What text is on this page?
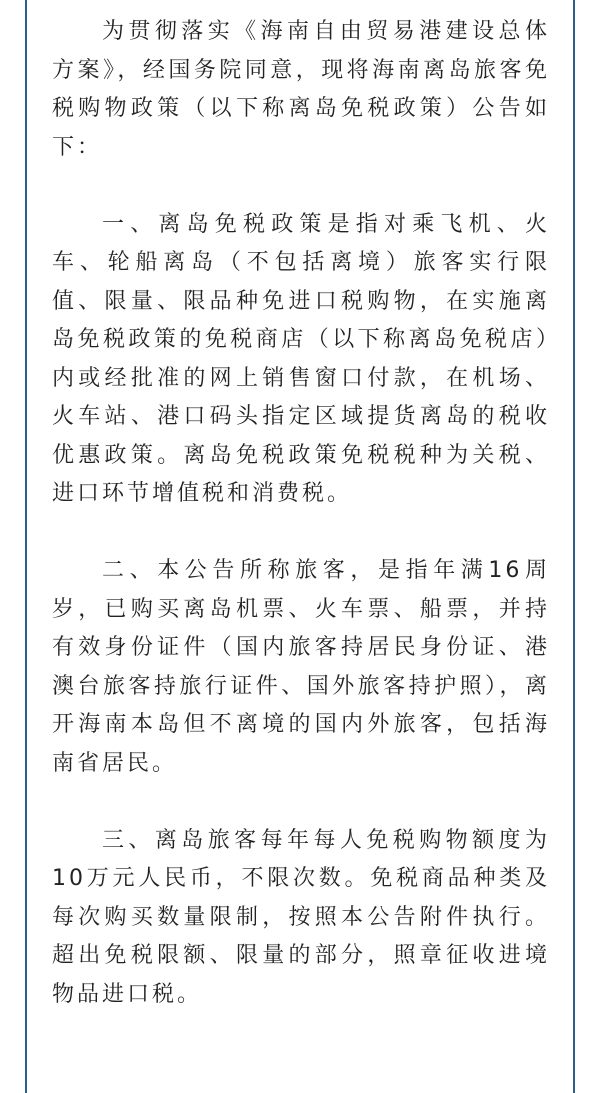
为贯彻落实《海南自由贸易港建设总体方案》，经国务院同意，现将海南离岛旅客免税购物政策（以下称离岛免税政策）公告如下：

一、离岛免税政策是指对乘飞机、火车、轮船离岛（不包括离境）旅客实行限值、限量、限品种免进口税购物，在实施离岛免税政策的免税商店（以下称离岛免税店）内或经批准的网上销售窗口付款，在机场、火车站、港口码头指定区域提货离岛的税收优惠政策。离岛免税政策免税税种为关税、进口环节增值税和消费税。

二、本公告所称旅客，是指年满16周岁，已购买离岛机票、火车票、船票，并持有效身份证件（国内旅客持居民身份证、港澳台旅客持旅行证件、国外旅客持护照），离开海南本岛但不离境的国内外旅客，包括海南省居民。

三、离岛旅客每年每人免税购物额度为10万元人民币，不限次数。免税商品种类及每次购买数量限制，按照本公告附件执行。超出免税限额、限量的部分，照章征收进境物品进口税。
